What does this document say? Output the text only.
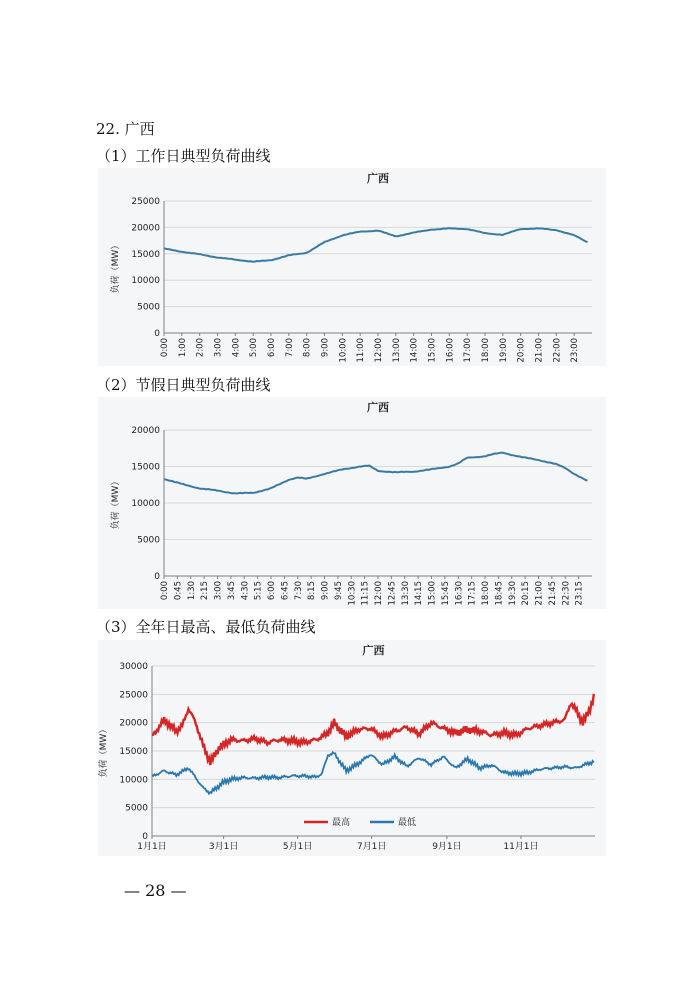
22. 广西
（1）工作日典型负荷曲线
（2）节假日典型负荷曲线
（3）全年日最高、最低负荷曲线
广西
0
5000
10000
15000
20000
25000
负荷（MW）
0:00 1:00 2:00 3:00 4:00 5:00 6:00 7:00 8:00 9:00 10:00 11:00 12:00 13:00 14:00 15:00 16:00 17:00 18:00 19:00 20:00 21:00 22:00 23:00
广西
0
5000
10000
15000
20000
负荷（MW）
0:00 0:45 1:30 2:15 3:00 3:45 4:30 5:15 6:00 6:45 7:30 8:15 9:00 9:45 10:30 11:15 12:00 12:45 13:30 14:15 15:00 15:45 16:30 17:15 18:00 18:45 19:30 20:15 21:00 21:45 22:30 23:15
广西
0
5000
10000
15000
20000
25000
30000
负荷（MW）
1月1日	3月1日	5月1日	7月1日	9月1日	11月1日
最高	最低
— 28 —
